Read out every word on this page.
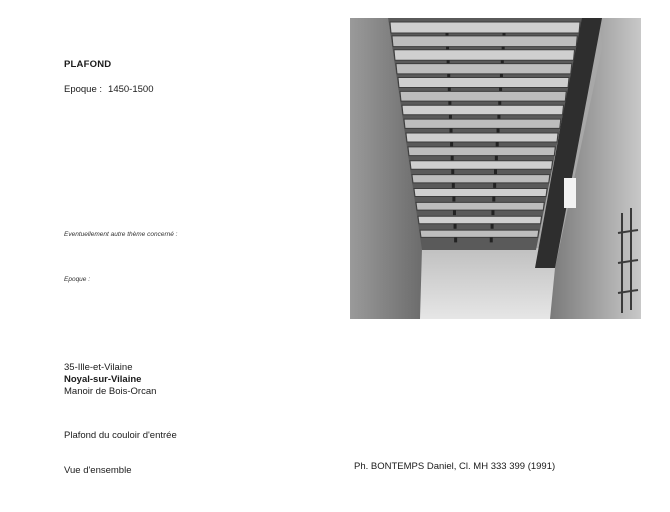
PLAFOND
Epoque : 1450-1500
Eventuellement autre thème concerné :
Epoque :
35-Ille-et-Vilaine
Noyal-sur-Vilaine
Manoir de Bois-Orcan
Plafond du couloir d'entrée
Vue d'ensemble	Ph. BONTEMPS Daniel, Cl. MH 333 399 (1991)
